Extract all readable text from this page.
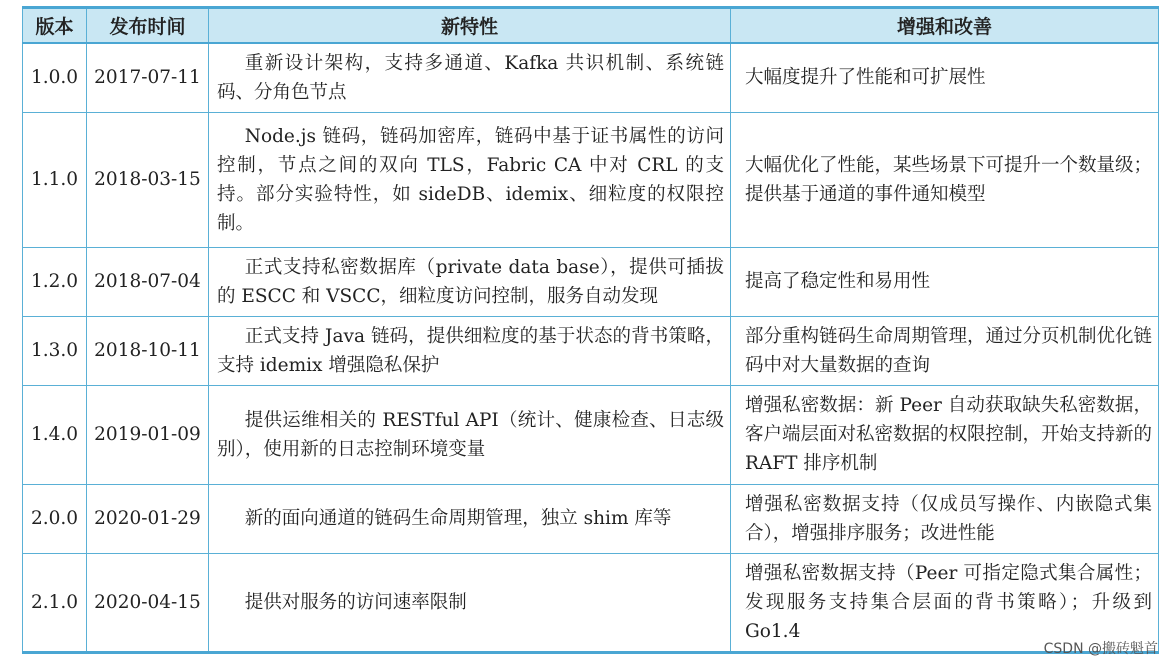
版本	发布时间	新特性	增强和改善
1.0.0	2017-07-11	重新设计架构，支持多通道、Kafka 共识机制、系统链码、分角色节点	大幅度提升了性能和可扩展性
1.1.0	2018-03-15	Node.js 链码，链码加密库，链码中基于证书属性的访问控制，节点之间的双向 TLS，Fabric CA 中对 CRL 的支持。部分实验特性，如 sideDB、idemix、细粒度的权限控制。	大幅优化了性能，某些场景下可提升一个数量级；提供基于通道的事件通知模型
1.2.0	2018-07-04	正式支持私密数据库（private data base），提供可插拔的 ESCC 和 VSCC，细粒度访问控制，服务自动发现	提高了稳定性和易用性
1.3.0	2018-10-11	正式支持 Java 链码，提供细粒度的基于状态的背书策略，支持 idemix 增强隐私保护	部分重构链码生命周期管理，通过分页机制优化链码中对大量数据的查询
1.4.0	2019-01-09	提供运维相关的 RESTful API（统计、健康检查、日志级别），使用新的日志控制环境变量	增强私密数据：新 Peer 自动获取缺失私密数据，客户端层面对私密数据的权限控制，开始支持新的 RAFT 排序机制
2.0.0	2020-01-29	新的面向通道的链码生命周期管理，独立 shim 库等	增强私密数据支持（仅成员写操作、内嵌隐式集合），增强排序服务；改进性能
2.1.0	2020-04-15	提供对服务的访问速率限制	增强私密数据支持（Peer 可指定隐式集合属性；发现服务支持集合层面的背书策略）；升级到 Go1.4
CSDN @搬砖魁首
